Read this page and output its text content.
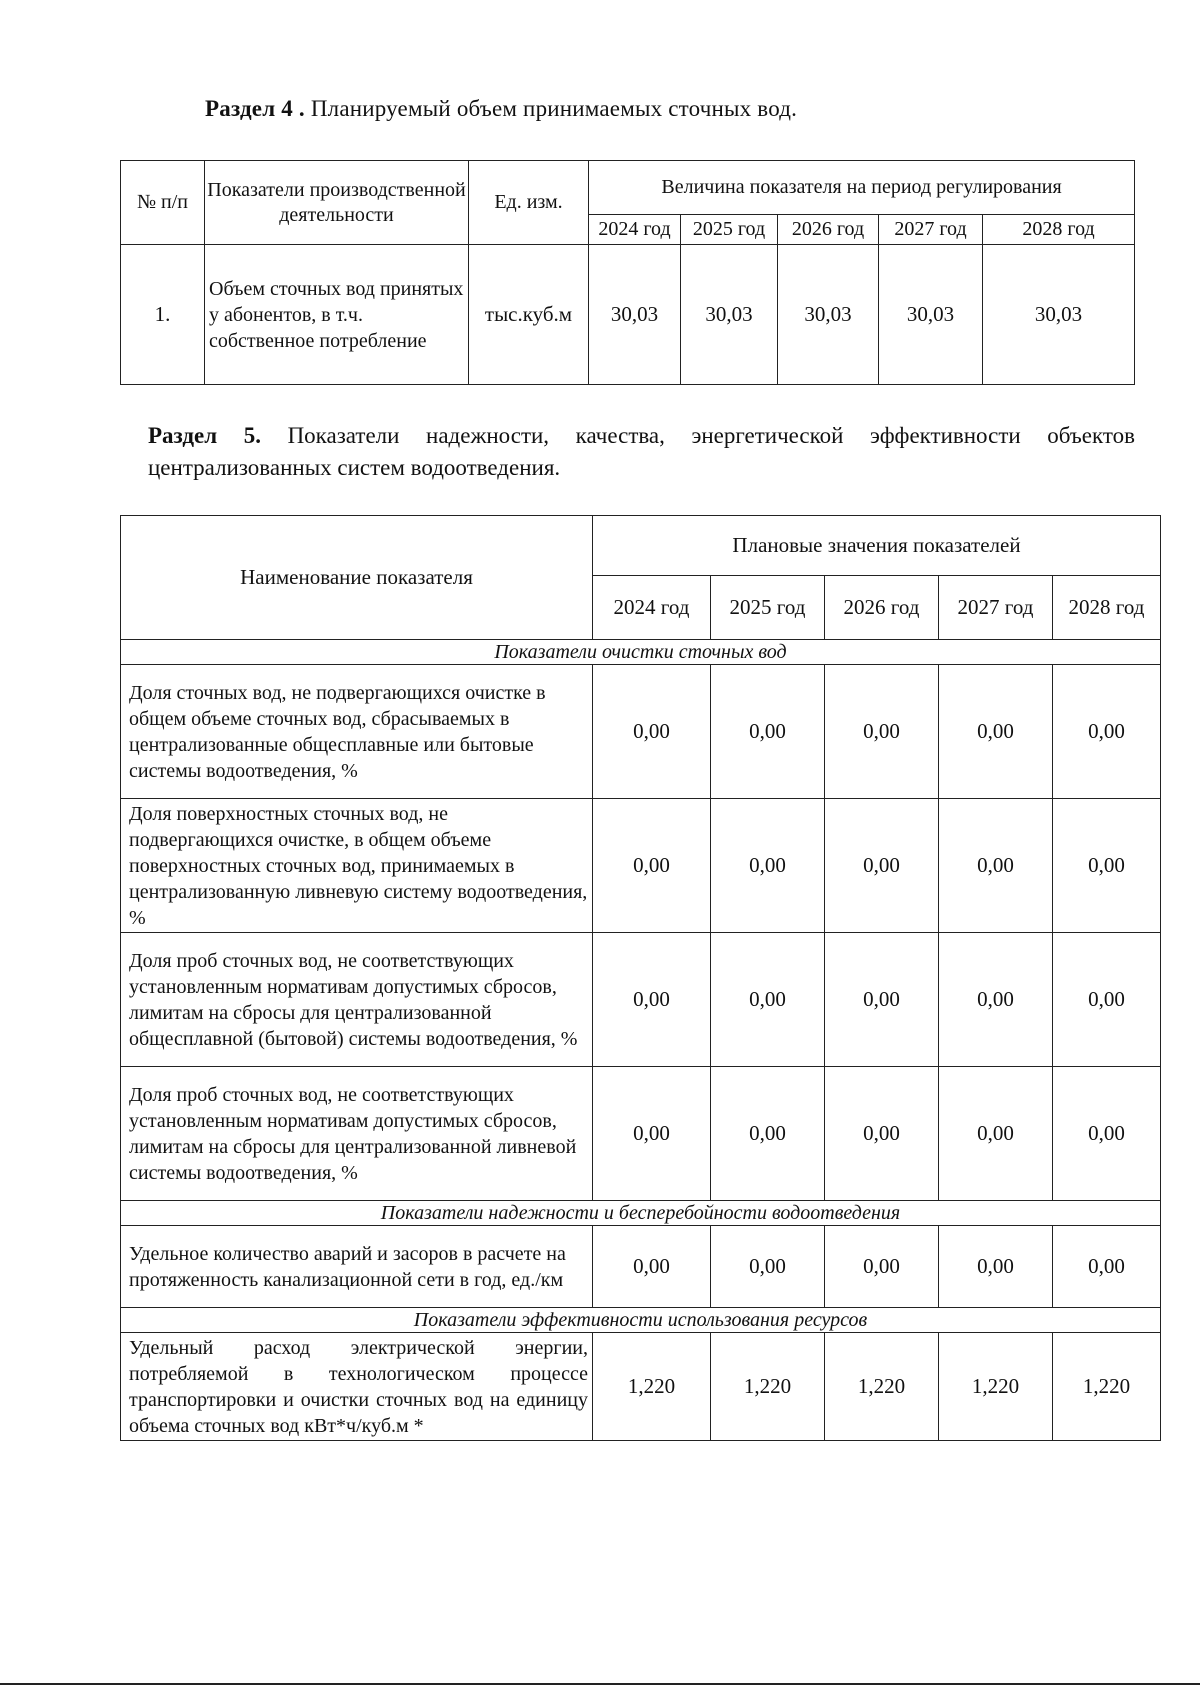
Раздел 4 . Планируемый объем принимаемых сточных вод.
№ п/п	Показатели производственной деятельности	Ед. изм.	Величина показателя на период регулирования				
			2024 год	2025 год	2026 год	2027 год	2028 год
1.	Объем сточных вод принятых у абонентов, в т.ч. собственное потребление	тыс.куб.м	30,03	30,03	30,03	30,03	30,03
Раздел 5. Показатели надежности, качества, энергетической эффективности объектов централизованных систем водоотведения.
Наименование показателя	Плановые значения показателей				
	2024 год	2025 год	2026 год	2027 год	2028 год
Показатели очистки сточных вод					
Доля сточных вод, не подвергающихся очистке в общем объеме сточных вод, сбрасываемых в централизованные общесплавные или бытовые системы водоотведения, %	0,00	0,00	0,00	0,00	0,00
Доля поверхностных сточных вод, не подвергающихся очистке, в общем объеме поверхностных сточных вод, принимаемых в централизованную ливневую систему водоотведения, %	0,00	0,00	0,00	0,00	0,00
Доля проб сточных вод, не соответствующих установленным нормативам допустимых сбросов, лимитам на сбросы для централизованной общесплавной (бытовой) системы водоотведения, %	0,00	0,00	0,00	0,00	0,00
Доля проб сточных вод, не соответствующих установленным нормативам допустимых сбросов, лимитам на сбросы для централизованной ливневой системы водоотведения, %	0,00	0,00	0,00	0,00	0,00
Показатели надежности и бесперебойности водоотведения					
Удельное количество аварий и засоров в расчете на протяженность канализационной сети в год, ед./км	0,00	0,00	0,00	0,00	0,00
Показатели эффективности использования ресурсов					
Удельный расход электрической энергии, потребляемой в технологическом процессе транспортировки и очистки сточных вод на единицу объема сточных вод кВт*ч/куб.м *	1,220	1,220	1,220	1,220	1,220
